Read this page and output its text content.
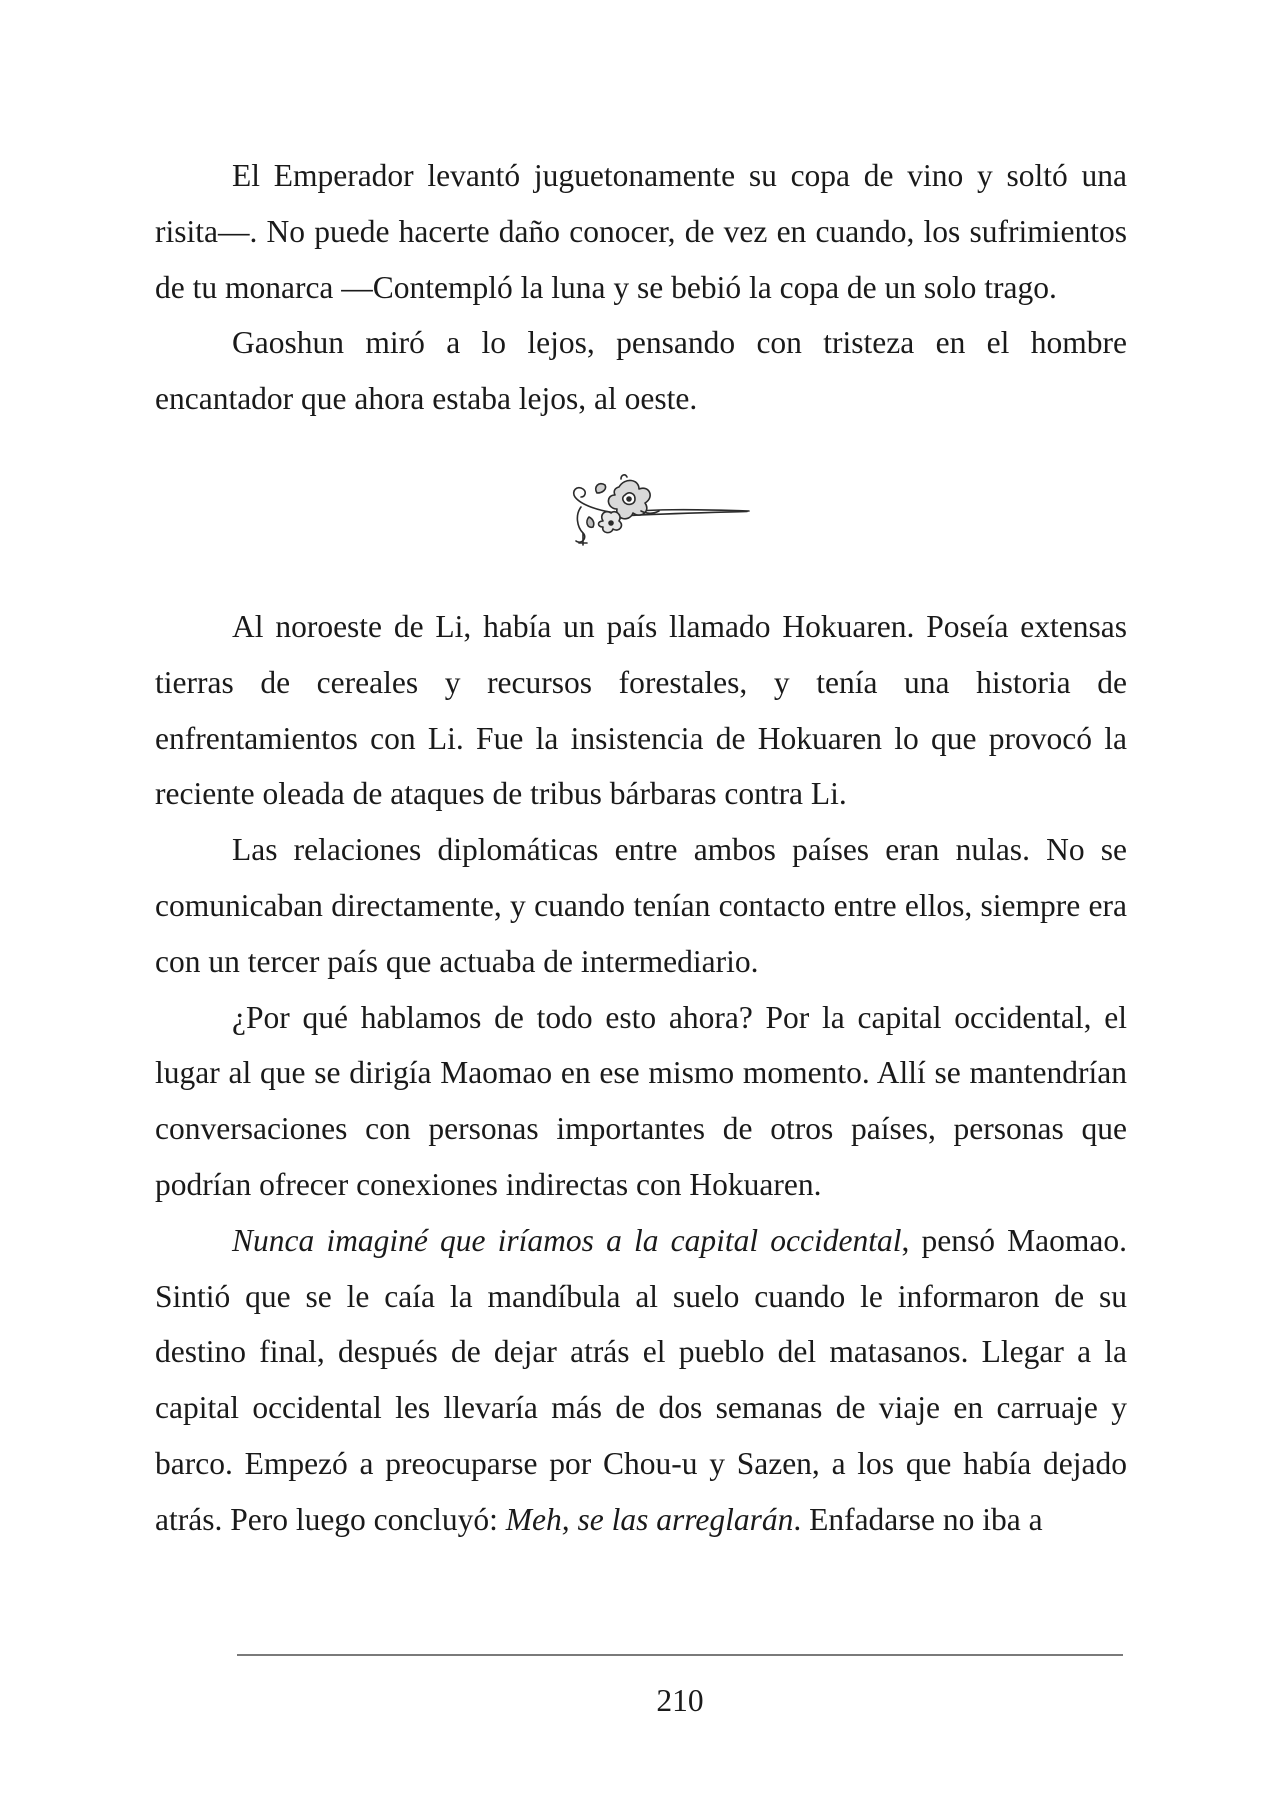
El Emperador levantó juguetonamente su copa de vino y soltó una risita—. No puede hacerte daño conocer, de vez en cuando, los sufrimientos de tu monarca —Contempló la luna y se bebió la copa de un solo trago.

Gaoshun miró a lo lejos, pensando con tristeza en el hombre encantador que ahora estaba lejos, al oeste.

Al noroeste de Li, había un país llamado Hokuaren. Poseía extensas tierras de cereales y recursos forestales, y tenía una historia de enfrentamientos con Li. Fue la insistencia de Hokuaren lo que provocó la reciente oleada de ataques de tribus bárbaras contra Li.

Las relaciones diplomáticas entre ambos países eran nulas. No se comunicaban directamente, y cuando tenían contacto entre ellos, siempre era con un tercer país que actuaba de intermediario.

¿Por qué hablamos de todo esto ahora? Por la capital occidental, el lugar al que se dirigía Maomao en ese mismo momento. Allí se mantendrían conversaciones con personas importantes de otros países, personas que podrían ofrecer conexiones indirectas con Hokuaren.

Nunca imaginé que iríamos a la capital occidental, pensó Maomao. Sintió que se le caía la mandíbula al suelo cuando le informaron de su destino final, después de dejar atrás el pueblo del matasanos. Llegar a la capital occidental les llevaría más de dos semanas de viaje en carruaje y barco. Empezó a preocuparse por Chou-u y Sazen, a los que había dejado atrás. Pero luego concluyó: Meh, se las arreglarán. Enfadarse no iba a

210
